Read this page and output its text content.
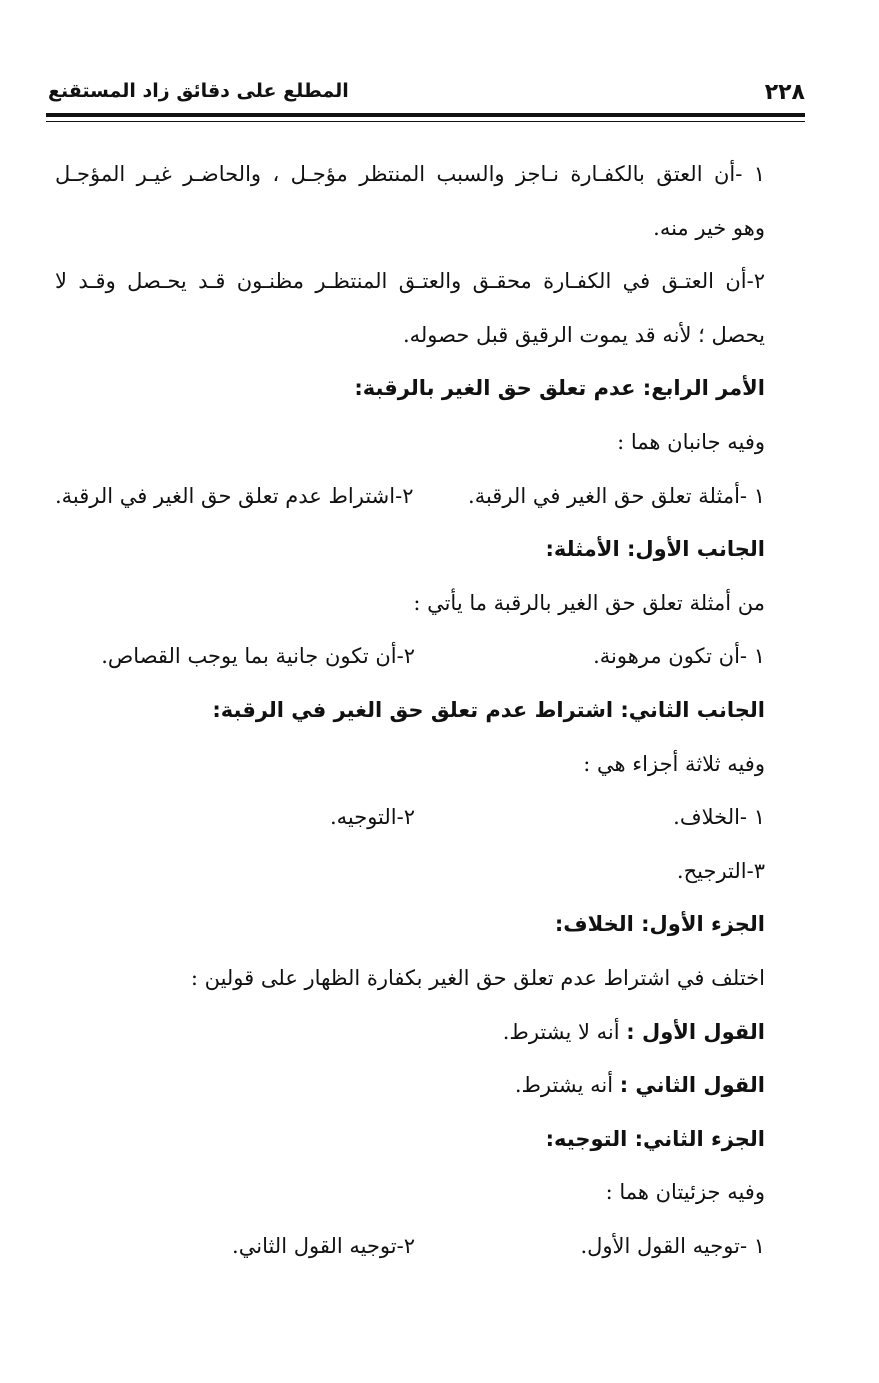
٢٢٨
المطلع على دقائق زاد المستقنع
١ -أن العتق بالكفـارة نـاجز والسبب المنتظر مؤجـل ، والحاضـر غيـر المؤجـل
وهو خير منه.
٢-أن العتـق في الكفـارة محقـق والعتـق المنتظـر مظنـون قـد يحـصل وقـد لا
يحصل ؛ لأنه قد يموت الرقيق قبل حصوله.
الأمر الرابع: عدم تعلق حق الغير بالرقبة:
وفيه جانبان هما :
١ -أمثلة تعلق حق الغير في الرقبة.
٢-اشتراط عدم تعلق حق الغير في الرقبة.
الجانب الأول: الأمثلة:
من أمثلة تعلق حق الغير بالرقبة ما يأتي :
١ -أن تكون مرهونة.
٢-أن تكون جانية بما يوجب القصاص.
الجانب الثاني: اشتراط عدم تعلق حق الغير في الرقبة:
وفيه ثلاثة أجزاء هي :
١ -الخلاف.
٢-التوجيه.
٣-الترجيح.
الجزء الأول: الخلاف:
اختلف في اشتراط عدم تعلق حق الغير بكفارة الظهار على قولين :
القول الأول : أنه لا يشترط.
القول الثاني : أنه يشترط.
الجزء الثاني: التوجيه:
وفيه جزئيتان هما :
١ -توجيه القول الأول.
٢-توجيه القول الثاني.
